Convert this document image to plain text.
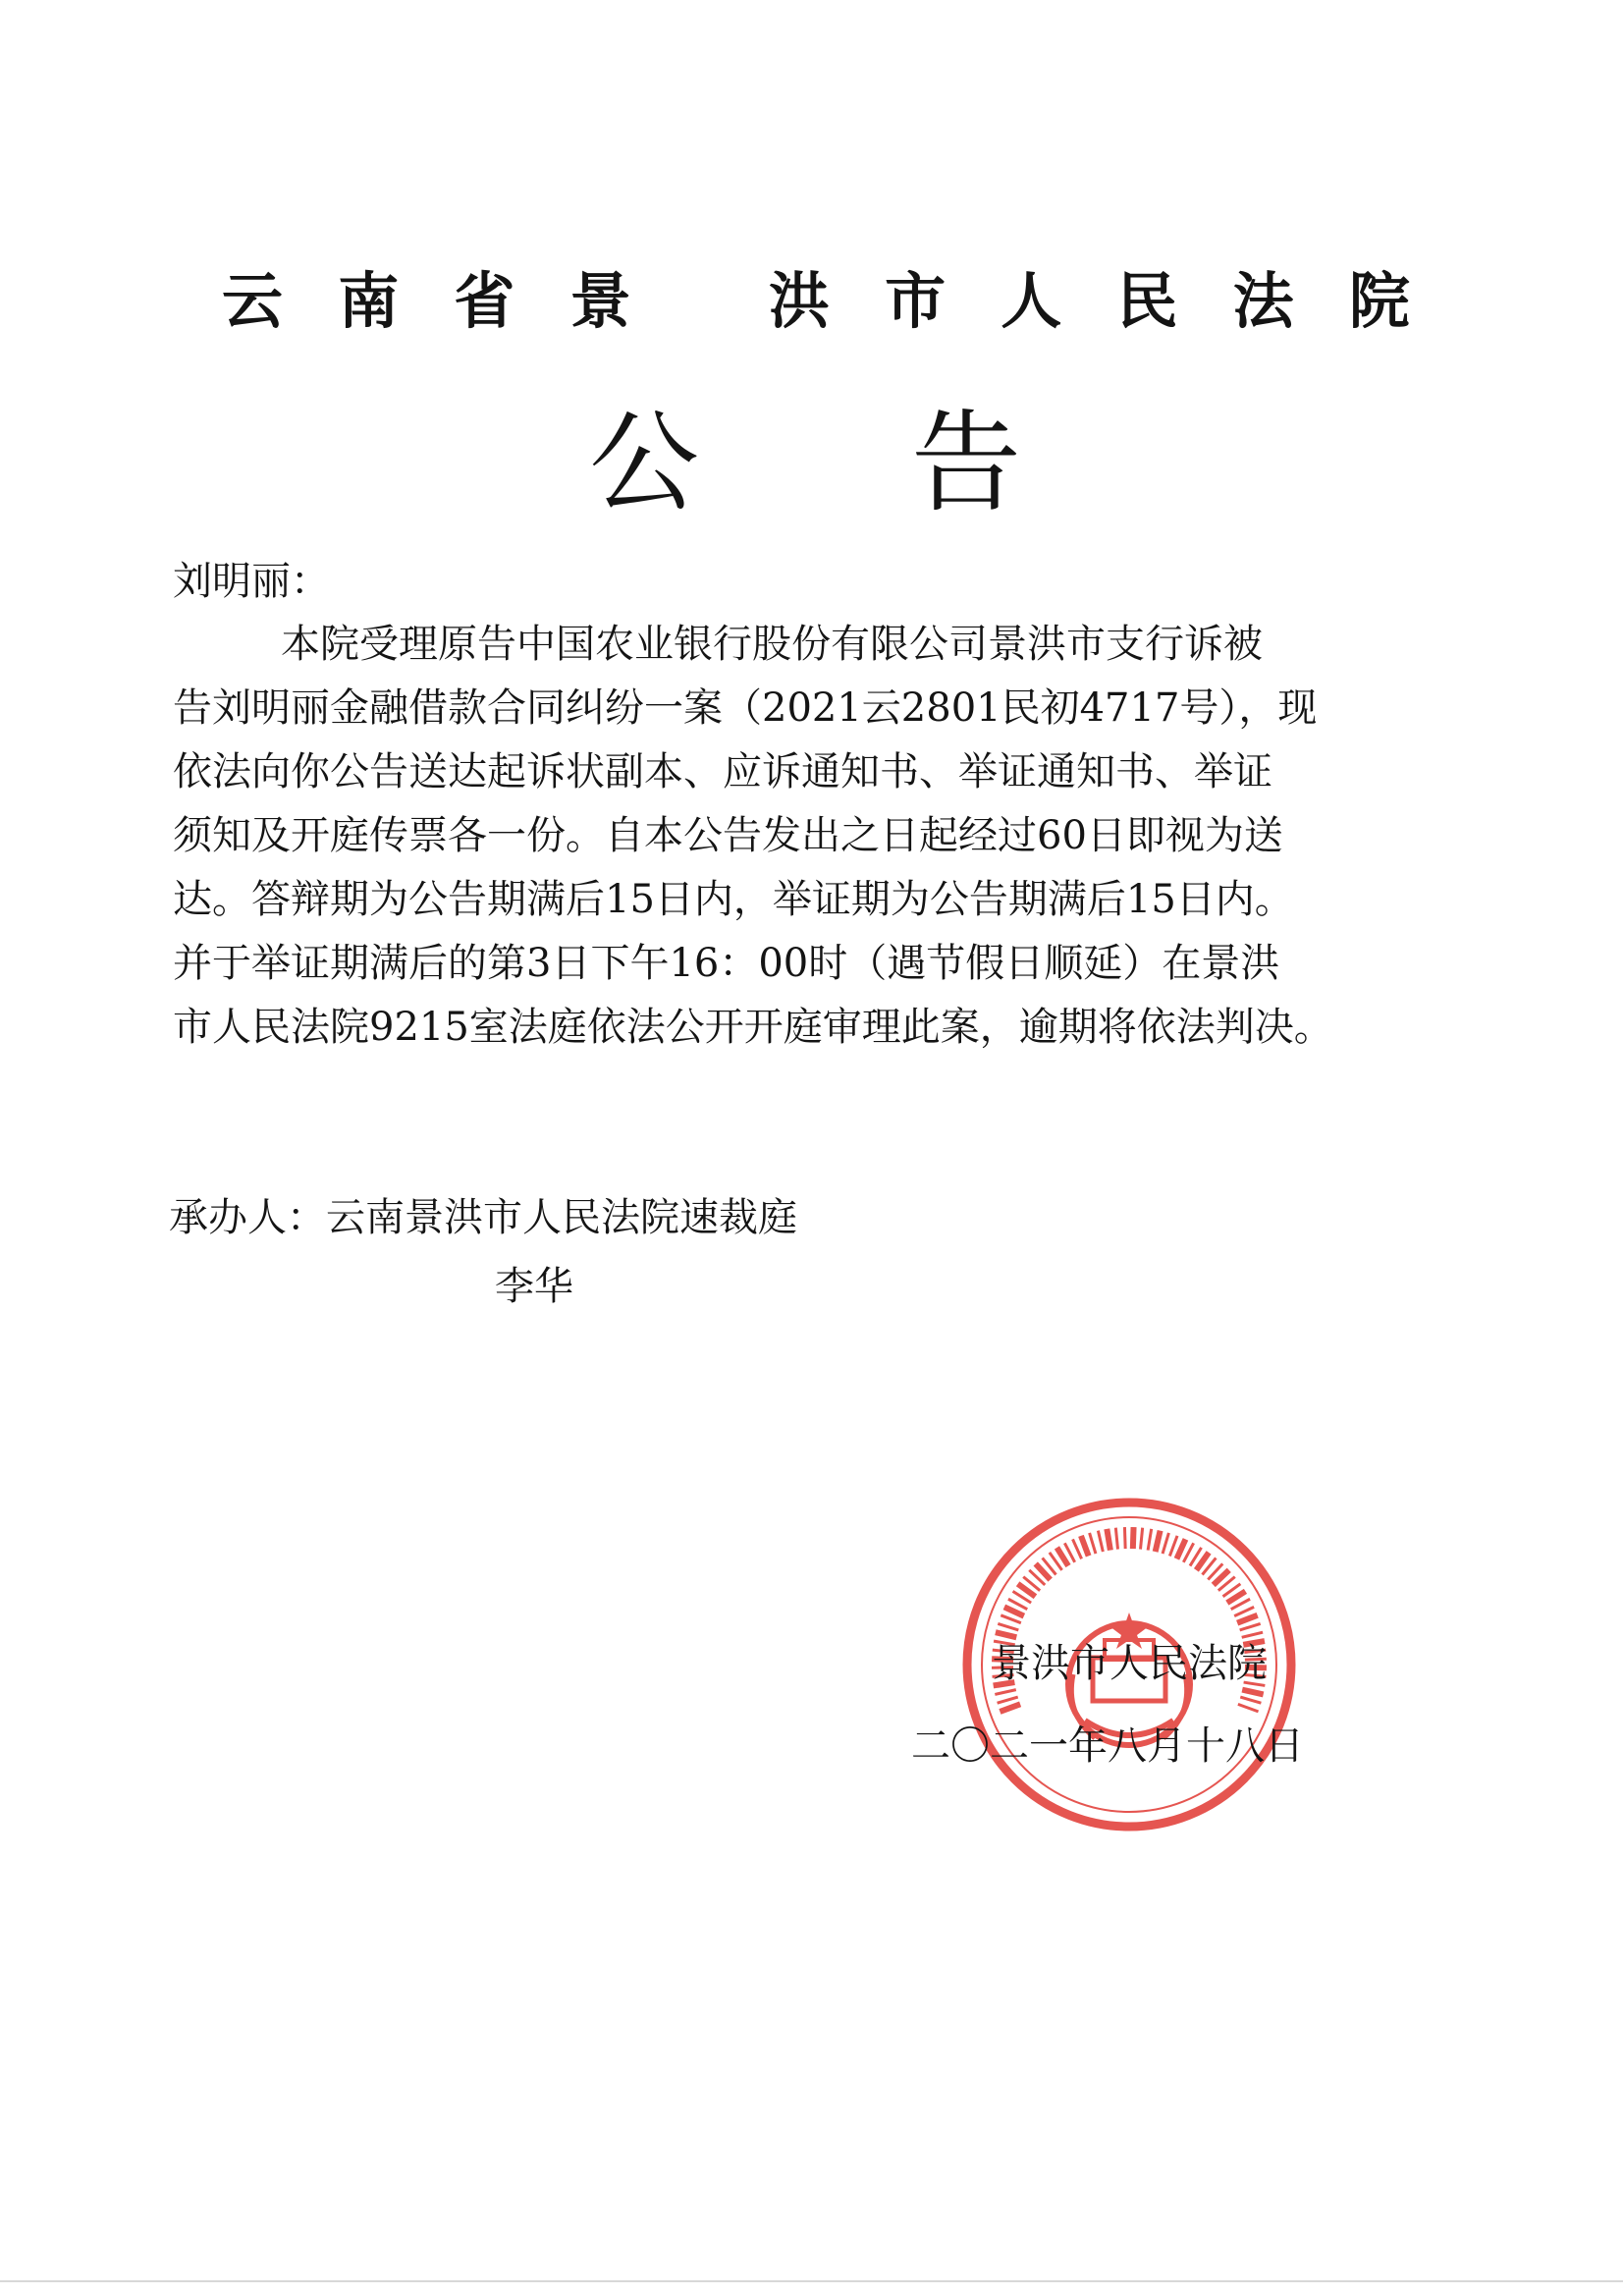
云 南 省 景 洪 市 人 民 法 院
公 告
刘明丽：
本院受理原告中国农业银行股份有限公司景洪市支行诉被
告刘明丽金融借款合同纠纷一案（2021云2801民初4717号），现
依法向你公告送达起诉状副本、应诉通知书、举证通知书、举证
须知及开庭传票各一份。自本公告发出之日起经过60日即视为送
达。答辩期为公告期满后15日内，举证期为公告期满后15日内。
并于举证期满后的第3日下午16：00时（遇节假日顺延）在景洪
市人民法院9215室法庭依法公开开庭审理此案，逾期将依法判决。
承办人：云南景洪市人民法院速裁庭
李华
景洪市人民法院
二〇二一年八月十八日
